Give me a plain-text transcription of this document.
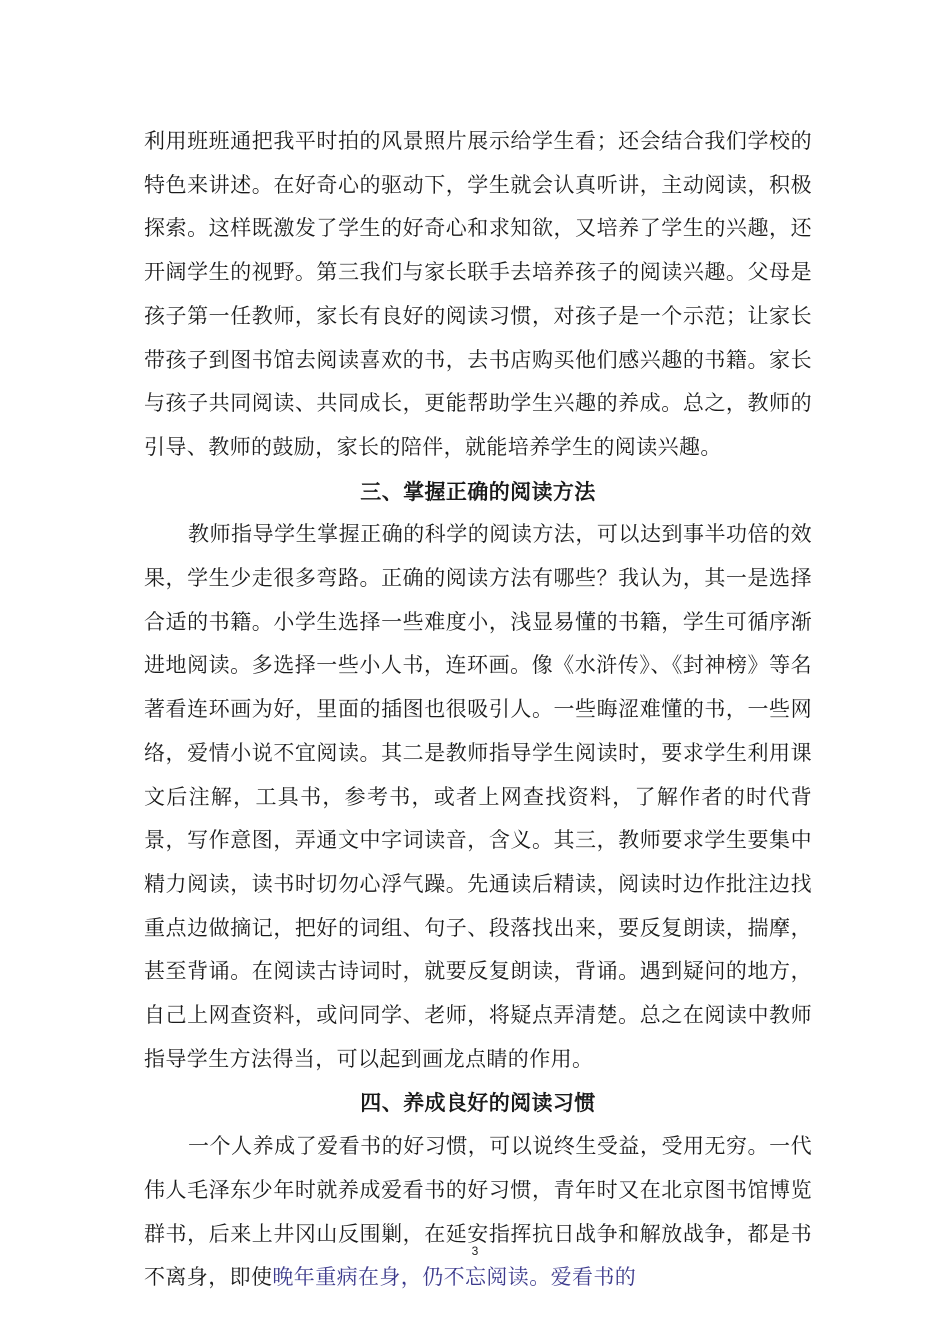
利用班班通把我平时拍的风景照片展示给学生看；还会结合我们学校的特色来讲述。在好奇心的驱动下，学生就会认真听讲，主动阅读，积极探索。这样既激发了学生的好奇心和求知欲，又培养了学生的兴趣，还开阔学生的视野。第三我们与家长联手去培养孩子的阅读兴趣。父母是孩子第一任教师，家长有良好的阅读习惯，对孩子是一个示范；让家长带孩子到图书馆去阅读喜欢的书，去书店购买他们感兴趣的书籍。家长与孩子共同阅读、共同成长，更能帮助学生兴趣的养成。总之，教师的引导、教师的鼓励，家长的陪伴，就能培养学生的阅读兴趣。

三、掌握正确的阅读方法

教师指导学生掌握正确的科学的阅读方法，可以达到事半功倍的效果，学生少走很多弯路。正确的阅读方法有哪些？我认为，其一是选择合适的书籍。小学生选择一些难度小，浅显易懂的书籍，学生可循序渐进地阅读。多选择一些小人书，连环画。像《水浒传》、《封神榜》等名著看连环画为好，里面的插图也很吸引人。一些晦涩难懂的书，一些网络，爱情小说不宜阅读。其二是教师指导学生阅读时，要求学生利用课文后注解，工具书，参考书，或者上网查找资料，了解作者的时代背景，写作意图，弄通文中字词读音，含义。其三，教师要求学生要集中精力阅读，读书时切勿心浮气躁。先通读后精读，阅读时边作批注边找重点边做摘记，把好的词组、句子、段落找出来，要反复朗读，揣摩，甚至背诵。在阅读古诗词时，就要反复朗读，背诵。遇到疑问的地方，自己上网查资料，或问同学、老师，将疑点弄清楚。总之在阅读中教师指导学生方法得当，可以起到画龙点睛的作用。

四、养成良好的阅读习惯

一个人养成了爱看书的好习惯，可以说终生受益，受用无穷。一代伟人毛泽东少年时就养成爱看书的好习惯，青年时又在北京图书馆博览群书，后来上井冈山反围剿，在延安指挥抗日战争和解放战争，都是书不离身，即使晚年重病在身，仍不忘阅读。爱看书的

3
